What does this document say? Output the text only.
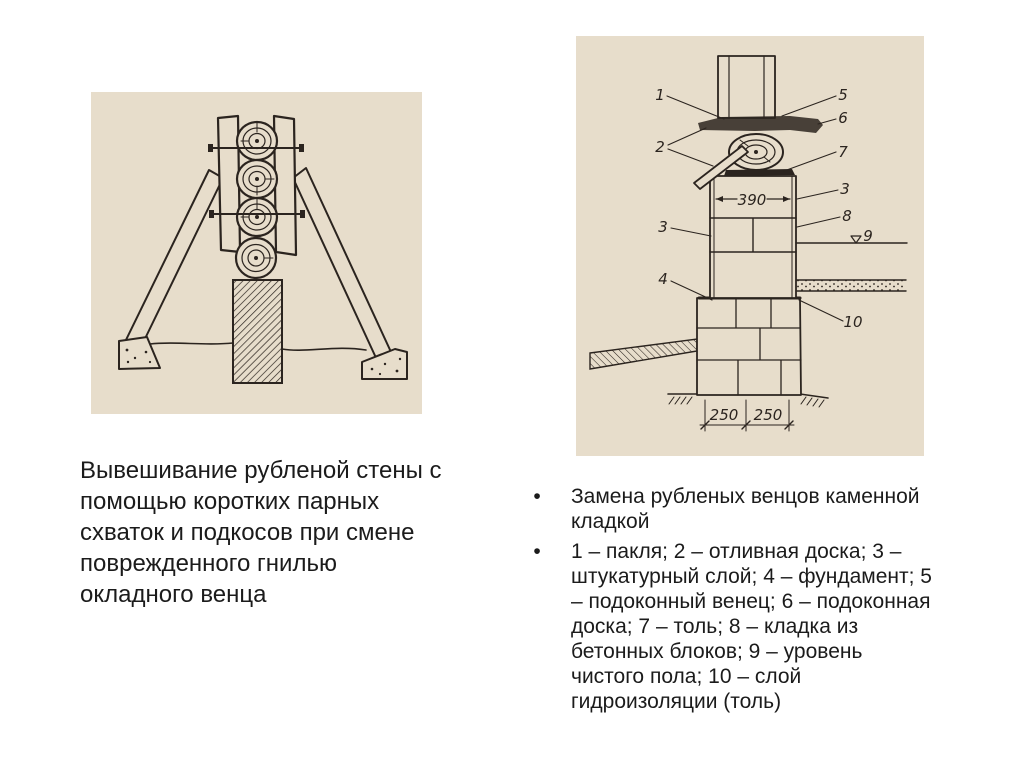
390
250 250
1
2
3
3
4
5
6
7
8
9
10
Вывешивание рубленой стены с
помощью коротких парных
схваток и подкосов при смене
поврежденного гнилью
окладного венца
• Замена рубленых венцов каменной
кладкой
• 1 – пакля; 2 – отливная доска; 3 –
штукатурный слой; 4 – фундамент; 5
– подоконный венец; 6 – подоконная
доска; 7 – толь; 8 – кладка из
бетонных блоков; 9 – уровень
чистого пола; 10 – слой
гидроизоляции (толь)
